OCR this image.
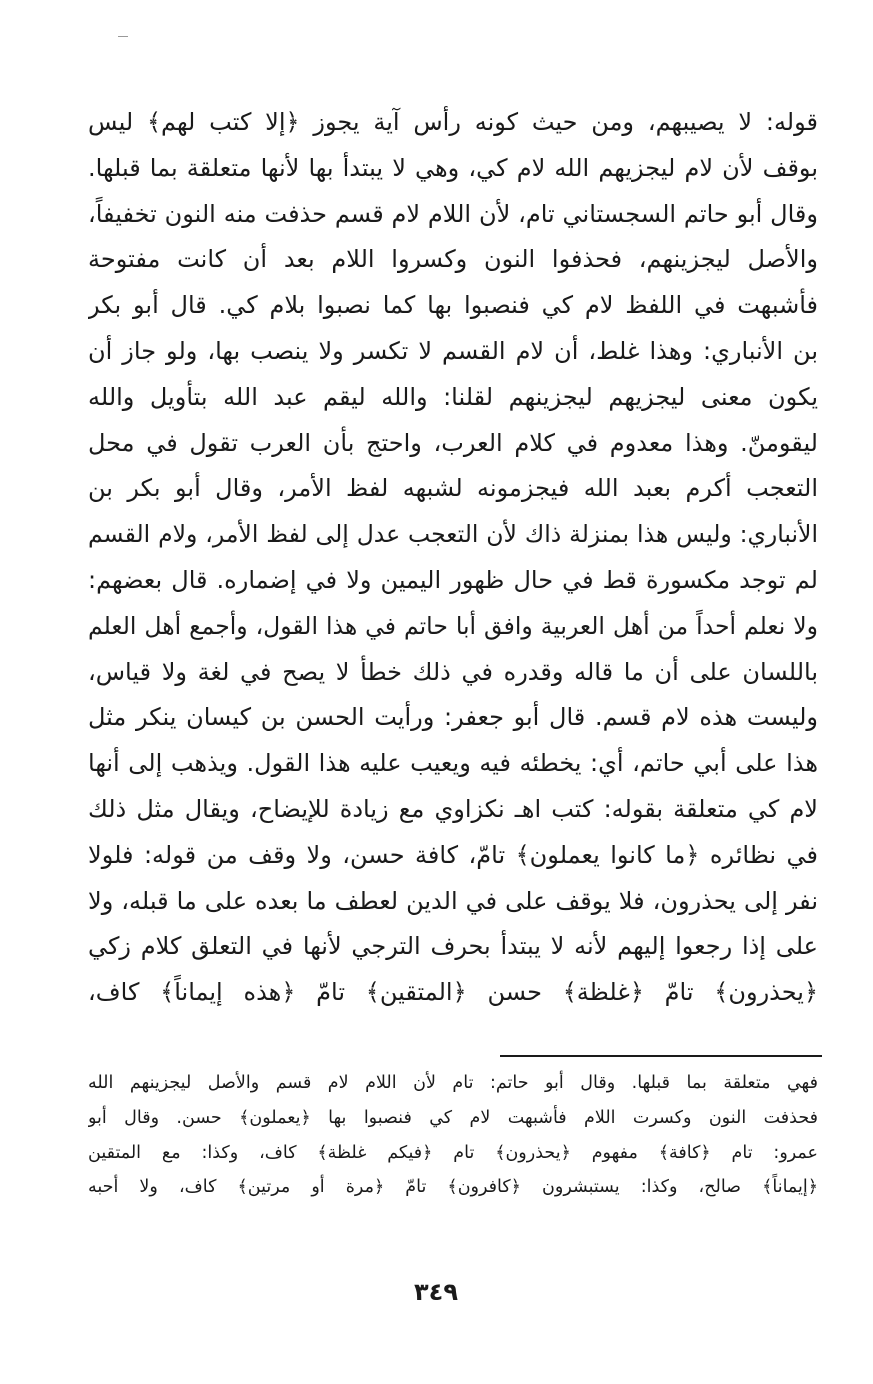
قوله: لا يصيبهم، ومن حيث كونه رأس آية يجوز ﴿إلا كتب لهم﴾ ليس
بوقف لأن لام ليجزيهم الله لام كي، وهي لا يبتدأ بها لأنها متعلقة بما قبلها.
وقال أبو حاتم السجستاني تام، لأن اللام لام قسم حذفت منه النون تخفيفاً،
والأصل ليجزينهم، فحذفوا النون وكسروا اللام بعد أن كانت مفتوحة
فأشبهت في اللفظ لام كي فنصبوا بها كما نصبوا بلام كي. قال أبو بكر
بن الأنباري: وهذا غلط، أن لام القسم لا تكسر ولا ينصب بها، ولو جاز أن
يكون معنى ليجزيهم ليجزينهم لقلنا: والله ليقم عبد الله بتأويل والله
ليقومنّ. وهذا معدوم في كلام العرب، واحتج بأن العرب تقول في محل
التعجب أكرم بعبد الله فيجزمونه لشبهه لفظ الأمر، وقال أبو بكر بن
الأنباري: وليس هذا بمنزلة ذاك لأن التعجب عدل إلى لفظ الأمر، ولام القسم
لم توجد مكسورة قط في حال ظهور اليمين ولا في إضماره. قال بعضهم:
ولا نعلم أحداً من أهل العربية وافق أبا حاتم في هذا القول، وأجمع أهل العلم
باللسان على أن ما قاله وقدره في ذلك خطأ لا يصح في لغة ولا قياس،
وليست هذه لام قسم. قال أبو جعفر: ورأيت الحسن بن كيسان ينكر مثل
هذا على أبي حاتم، أي: يخطئه فيه ويعيب عليه هذا القول. ويذهب إلى أنها
لام كي متعلقة بقوله: كتب اهـ نكزاوي مع زيادة للإيضاح، ويقال مثل ذلك
في نظائره ﴿ما كانوا يعملون﴾ تامّ، كافة حسن، ولا وقف من قوله: فلولا
نفر إلى يحذرون، فلا يوقف على في الدين لعطف ما بعده على ما قبله، ولا
على إذا رجعوا إليهم لأنه لا يبتدأ بحرف الترجي لأنها في التعلق كلام زكي
﴿يحذرون﴾ تامّ ﴿غلظة﴾ حسن ﴿المتقين﴾ تامّ ﴿هذه إيماناً﴾ كاف،
فهي متعلقة بما قبلها. وقال أبو حاتم: تام لأن اللام لام قسم والأصل ليجزينهم الله
فحذفت النون وكسرت اللام فأشبهت لام كي فنصبوا بها ﴿يعملون﴾ حسن. وقال أبو
عمرو: تام ﴿كافة﴾ مفهوم ﴿يحذرون﴾ تام ﴿فيكم غلظة﴾ كاف، وكذا: مع المتقين
﴿إيماناً﴾ صالح، وكذا: يستبشرون ﴿كافرون﴾ تامّ ﴿مرة أو مرتين﴾ كاف، ولا أحبه
٣٤٩
